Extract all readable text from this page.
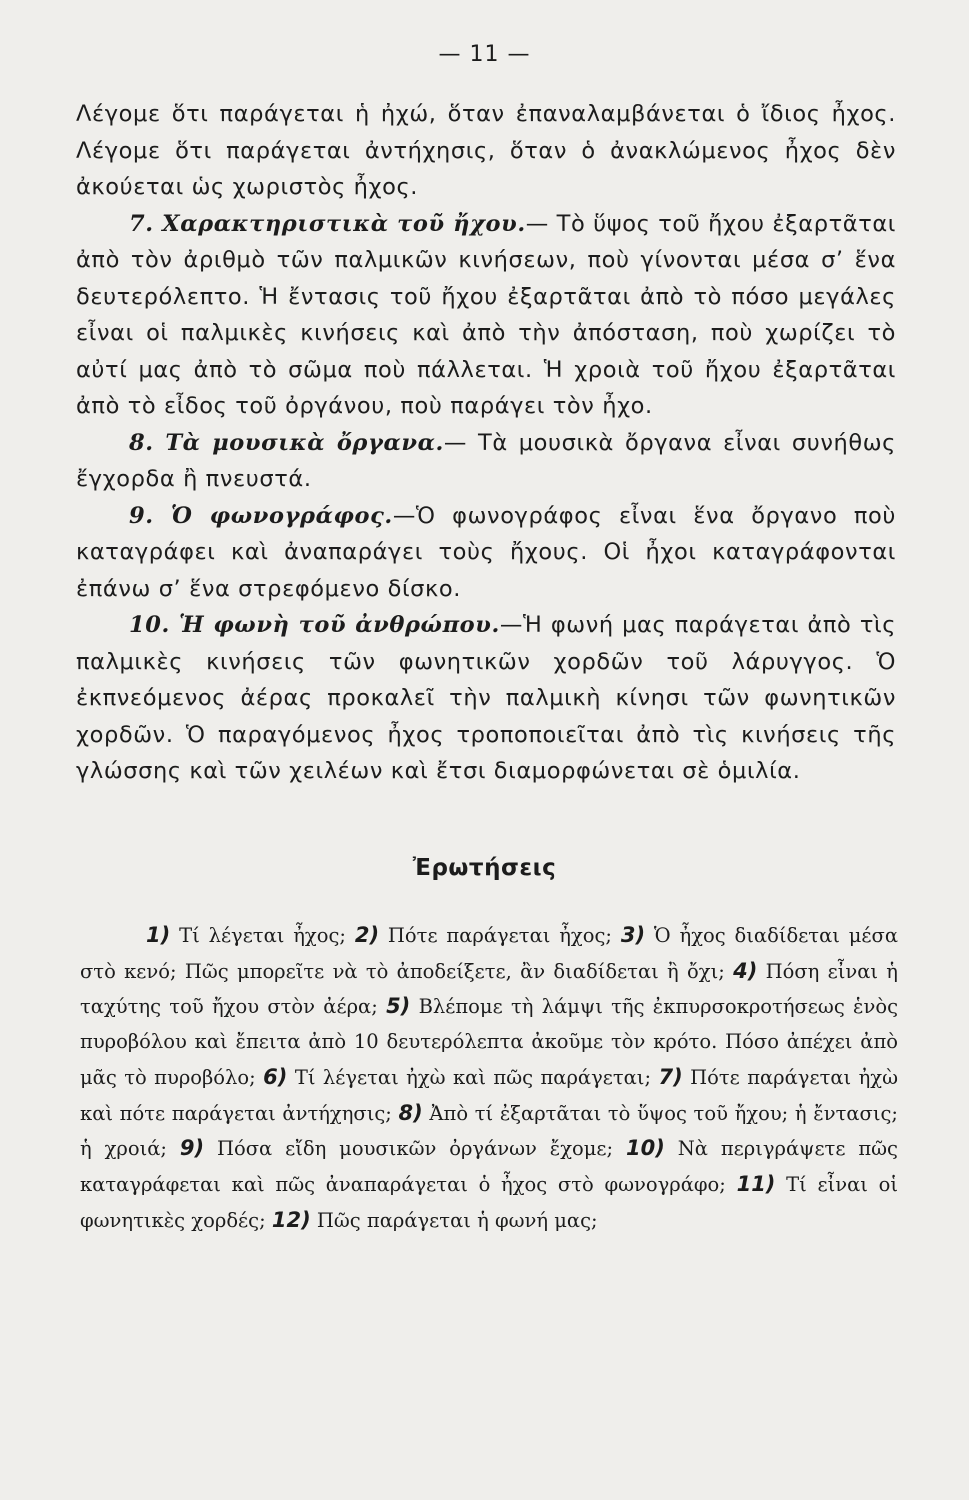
— 11 —

Λέγομε ὅτι παράγεται ἡ ἠχώ, ὅταν ἐπαναλαμβάνεται ὁ ἴδιος ἦχος. Λέγομε ὅτι παράγεται ἀντήχησις, ὅταν ὁ ἀνακλώμενος ἦχος δὲν ἀκούεται ὡς χωριστὸς ἦχος.

7. Χαρακτηριστικὰ τοῦ ἤχου.— Τὸ ὕψος τοῦ ἤχου ἐξαρτᾶται ἀπὸ τὸν ἀριθμὸ τῶν παλμικῶν κινήσεων, ποὺ γίνονται μέσα σ’ ἕνα δευτερόλεπτο. Ἡ ἔντασις τοῦ ἤχου ἐξαρτᾶται ἀπὸ τὸ πόσο μεγάλες εἶναι οἱ παλμικὲς κινήσεις καὶ ἀπὸ τὴν ἀπόσταση, ποὺ χωρίζει τὸ αὐτί μας ἀπὸ τὸ σῶμα ποὺ πάλλεται. Ἡ χροιὰ τοῦ ἤχου ἐξαρτᾶται ἀπὸ τὸ εἶδος τοῦ ὀργάνου, ποὺ παράγει τὸν ἦχο.

8. Τὰ μουσικὰ ὄργανα.— Τὰ μουσικὰ ὄργανα εἶναι συνήθως ἔγχορδα ἢ πνευστά.

9. Ὁ φωνογράφος.—Ὁ φωνογράφος εἶναι ἕνα ὄργανο ποὺ καταγράφει καὶ ἀναπαράγει τοὺς ἤχους. Οἱ ἦχοι καταγράφονται ἐπάνω σ’ ἕνα στρεφόμενο δίσκο.

10. Ἡ φωνὴ τοῦ ἀνθρώπου.—Ἡ φωνή μας παράγεται ἀπὸ τὶς παλμικὲς κινήσεις τῶν φωνητικῶν χορδῶν τοῦ λάρυγγος. Ὁ ἐκπνεόμενος ἀέρας προκαλεῖ τὴν παλμικὴ κίνησι τῶν φωνητικῶν χορδῶν. Ὁ παραγόμενος ἦχος τροποποιεῖται ἀπὸ τὶς κινήσεις τῆς γλώσσης καὶ τῶν χειλέων καὶ ἔτσι διαμορφώνεται σὲ ὁμιλία.

Ἐρωτήσεις

1) Τί λέγεται ἦχος; 2) Πότε παράγεται ἦχος; 3) Ὁ ἦχος διαδίδεται μέσα στὸ κενό; Πῶς μπορεῖτε νὰ τὸ ἀποδείξετε, ἂν διαδίδεται ἢ ὄχι; 4) Πόση εἶναι ἡ ταχύτης τοῦ ἤχου στὸν ἀέρα; 5) Βλέπομε τὴ λάμψι τῆς ἐκπυρσοκροτήσεως ἑνὸς πυροβόλου καὶ ἔπειτα ἀπὸ 10 δευτερόλεπτα ἀκοῦμε τὸν κρότο. Πόσο ἀπέχει ἀπὸ μᾶς τὸ πυροβόλο; 6) Τί λέγεται ἠχὼ καὶ πῶς παράγεται; 7) Πότε παράγεται ἠχὼ καὶ πότε παράγεται ἀντήχησις; 8) Ἀπὸ τί ἐξαρτᾶται τὸ ὕψος τοῦ ἤχου; ἡ ἔντασις; ἡ χροιά; 9) Πόσα εἴδη μουσικῶν ὀργάνων ἔχομε; 10) Νὰ περιγράψετε πῶς καταγράφεται καὶ πῶς ἀναπαράγεται ὁ ἦχος στὸ φωνογράφο; 11) Τί εἶναι οἱ φωνητικὲς χορδές; 12) Πῶς παράγεται ἡ φωνή μας;
